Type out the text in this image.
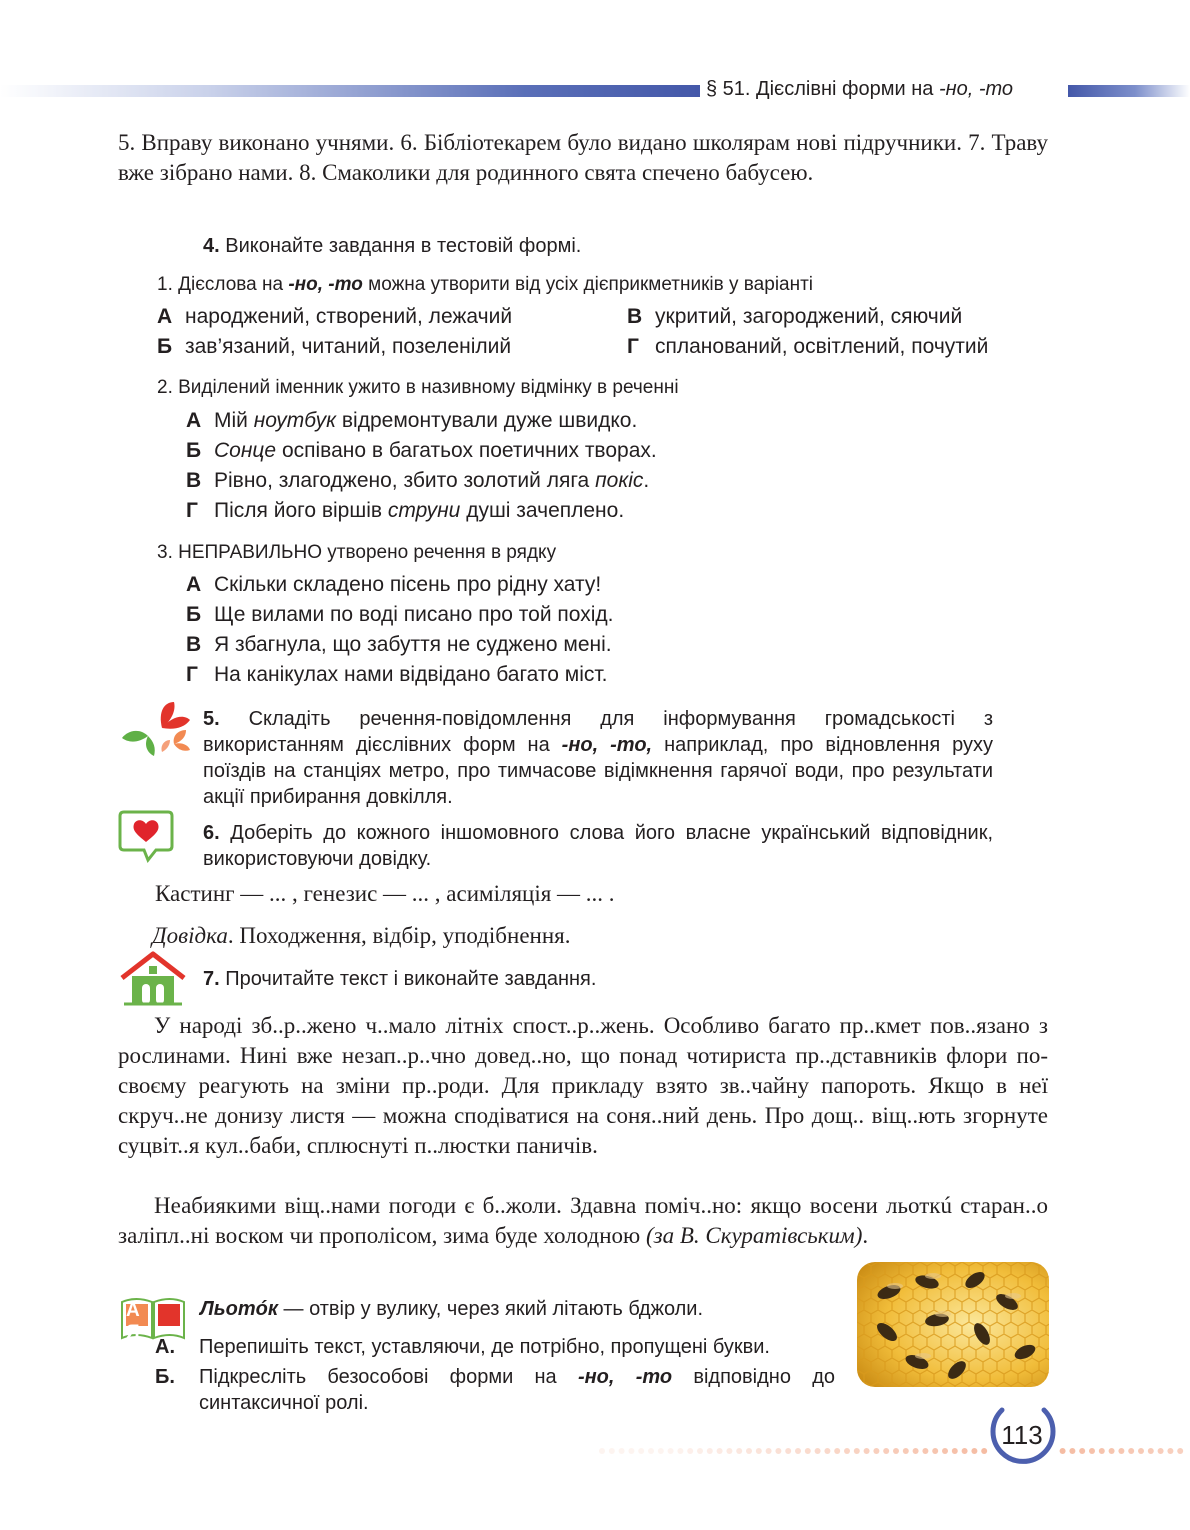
§ 51. Дієслівні форми на -но, -то
5. Вправу виконано учнями. 6. Бібліотекарем було видано школярам нові підручники. 7. Траву вже зібрано нами. 8. Смаколики для родинного свята спечено бабусею.
4. Виконайте завдання в тестовій формі.
1. Дієслова на -но, -то можна утворити від усіх дієприкметників у варіанті
А народжений, створений, лежачий
Б зав’язаний, читаний, позеленілий
В укритий, загороджений, сяючий
Г спланований, освітлений, почутий
2. Виділений іменник ужито в називному відмінку в реченні
А Мій ноутбук відремонтували дуже швидко.
Б Сонце оспівано в багатьох поетичних творах.
В Рівно, злагоджено, збито золотий ляга покіс.
Г Після його віршів струни душі зачеплено.
3. НЕПРАВИЛЬНО утворено речення в рядку
А Скільки складено пісень про рідну хату!
Б Ще вилами по воді писано про той похід.
В Я збагнула, що забуття не суджено мені.
Г На канікулах нами відвідано багато міст.
5. Складіть речення-повідомлення для інформування громадськості з використанням дієслівних форм на -но, -то, наприклад, про відновлення руху поїздів на станціях метро, про тимчасове відімкнення гарячої води, про результати акції прибирання довкілля.
6. Доберіть до кожного іншомовного слова його власне український відповідник, використовуючи довідку.
Кастинг — ... , генезис — ... , асиміляція — ... .
Довідка. Походження, відбір, уподібнення.
7. Прочитайте текст і виконайте завдання.
У народі зб..р..жено ч..мало літніх спост..р..жень. Особливо багато пр..кмет пов..язано з рослинами. Нині вже незап..р..чно довед..но, що понад чотириста пр..дставників флори по-своєму реагують на зміни пр..роди. Для прикладу взято зв..чайну папороть. Якщо в неї скруч..не донизу листя — можна сподіватися на соня..ний день. Про дощ.. віщ..ють згорнуте суцвіт..я кул..баби, сплюснуті п..люстки паничів.
Неабиякими віщ..нами погоди є б..жоли. Здавна поміч..но: якщо восени льоткú старан..о заліпл..ні воском чи прополісом, зима буде холодною (за В. Скуратівським).
А Я
Льотóк — отвір у вулику, через який літають бджоли.
А. Перепишіть текст, уставляючи, де потрібно, пропущені букви.
Б.	Підкресліть безособові форми на -но, -то відповідно до синтаксичної ролі.
113
